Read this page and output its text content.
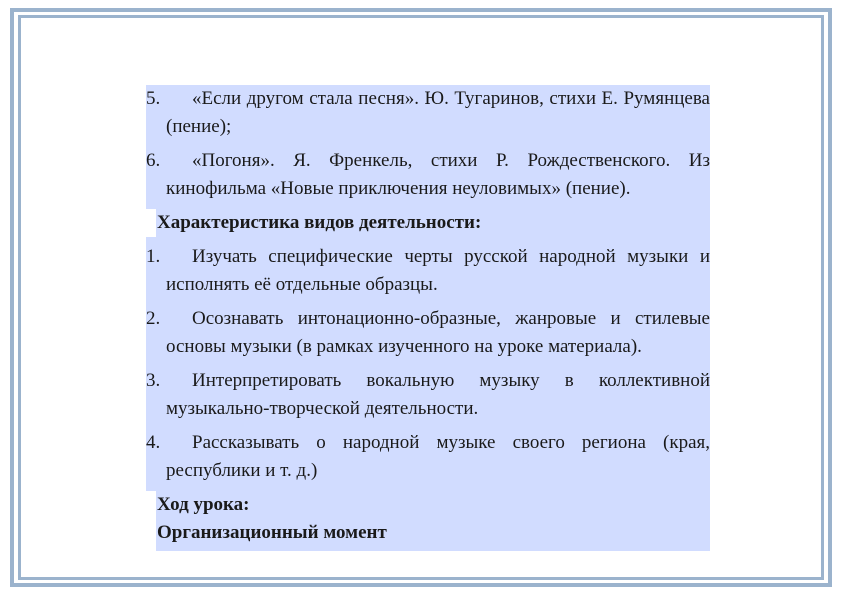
5.	«Если другом стала песня». Ю. Тугаринов, стихи Е. Румянцева (пение);
6.	«Погоня». Я. Френкель, стихи Р. Рождественского. Из кинофильма «Новые приключения неуловимых» (пение).
Характеристика видов деятельности:
1.	Изучать специфические черты русской народной музыки и исполнять её отдельные образцы.
2.	Осознавать интонационно-образные, жанровые и стилевые основы музыки (в рамках изученного на уроке материала).
3.	Интерпретировать вокальную музыку в коллективной музыкально-творческой деятельности.
4.	Рассказывать о народной музыке своего региона (края, республики и т. д.)
Ход урока:
Организационный момент
